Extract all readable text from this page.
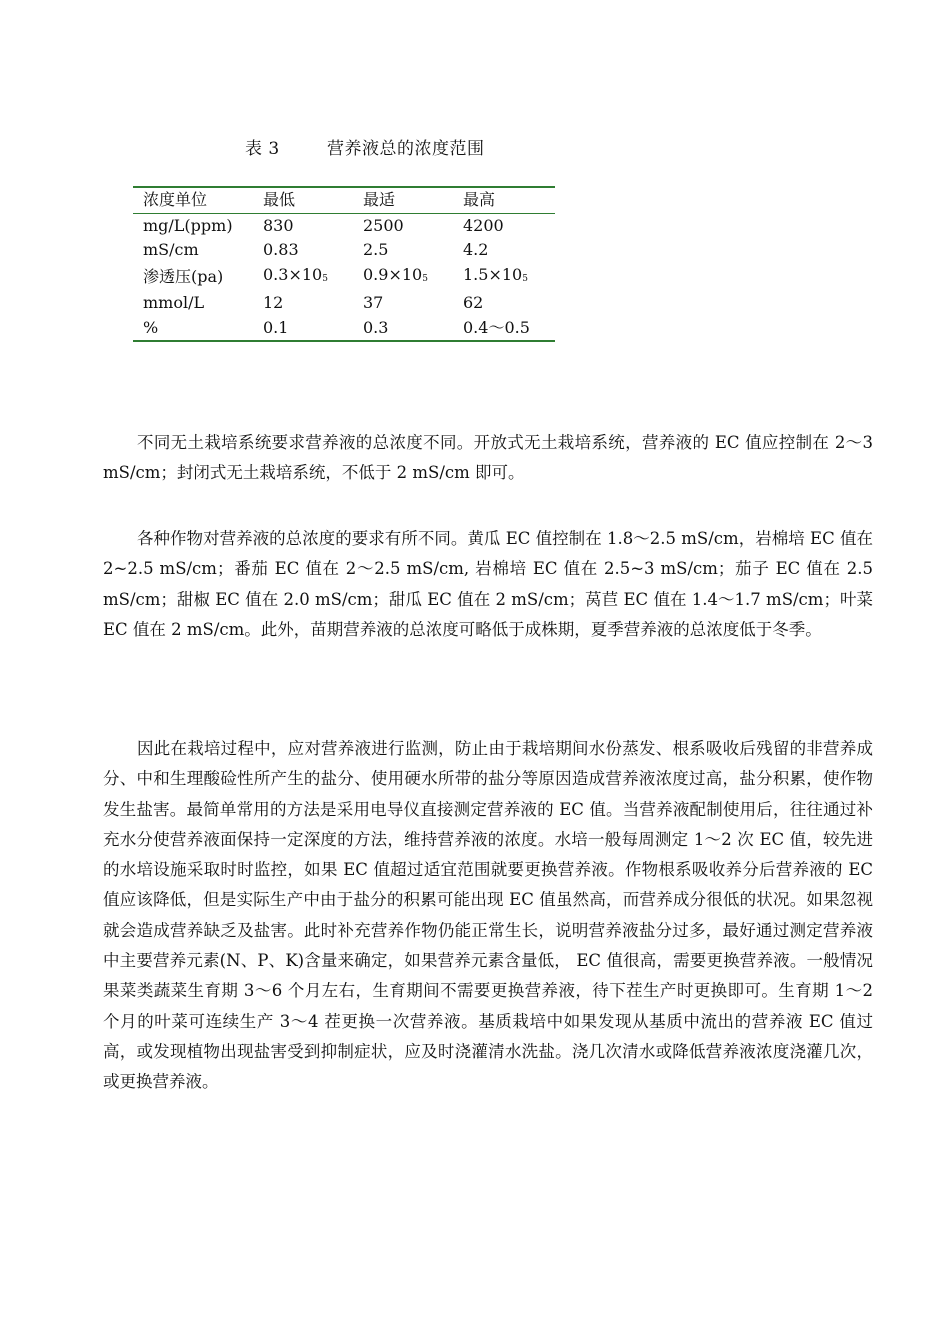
表 3	营养液总的浓度范围
浓度单位	最低	最适	最高
mg/L(ppm)	830	2500	4200
mS/cm	0.83	2.5	4.2
渗透压(pa)	$0.3\times 10_5$	$0.9\times 10_5$	$1.5\times 10_5$
mmol/L	12	37	62
%	0.1	0.3	0.4～0.5

不同无土栽培系统要求营养液的总浓度不同。开放式无土栽培系统，营养液的 EC 值应控制在 2～3 mS/cm；封闭式无土栽培系统，不低于 2 mS/cm 即可。

各种作物对营养液的总浓度的要求有所不同。黄瓜 EC 值控制在 1.8～2.5 mS/cm，岩棉培 EC 值在 2~2.5 mS/cm；番茄 EC 值在 2～2.5 mS/cm, 岩棉培 EC 值在 2.5~3 mS/cm；茄子 EC 值在 2.5 mS/cm；甜椒 EC 值在 2.0 mS/cm；甜瓜 EC 值在 2 mS/cm；莴苣 EC 值在 1.4～1.7 mS/cm；叶菜 EC 值在 2 mS/cm。此外，苗期营养液的总浓度可略低于成株期，夏季营养液的总浓度低于冬季。

因此在栽培过程中，应对营养液进行监测，防止由于栽培期间水份蒸发、根系吸收后残留的非营养成分、中和生理酸硷性所产生的盐分、使用硬水所带的盐分等原因造成营养液浓度过高，盐分积累，使作物发生盐害。最简单常用的方法是采用电导仪直接测定营养液的 EC 值。当营养液配制使用后，往往通过补充水分使营养液面保持一定深度的方法，维持营养液的浓度。水培一般每周测定 1～2 次 EC 值，较先进的水培设施采取时时监控，如果 EC 值超过适宜范围就要更换营养液。作物根系吸收养分后营养液的 EC 值应该降低，但是实际生产中由于盐分的积累可能出现 EC 值虽然高，而营养成分很低的状况。如果忽视就会造成营养缺乏及盐害。此时补充营养作物仍能正常生长，说明营养液盐分过多，最好通过测定营养液中主要营养元素(N、P、K)含量来确定，如果营养元素含量低， EC 值很高，需要更换营养液。一般情况果菜类蔬菜生育期 3～6 个月左右，生育期间不需要更换营养液，待下茬生产时更换即可。生育期 1～2 个月的叶菜可连续生产 3～4 茬更换一次营养液。基质栽培中如果发现从基质中流出的营养液 EC 值过高，或发现植物出现盐害受到抑制症状，应及时浇灌清水洗盐。浇几次清水或降低营养液浓度浇灌几次，或更换营养液。
